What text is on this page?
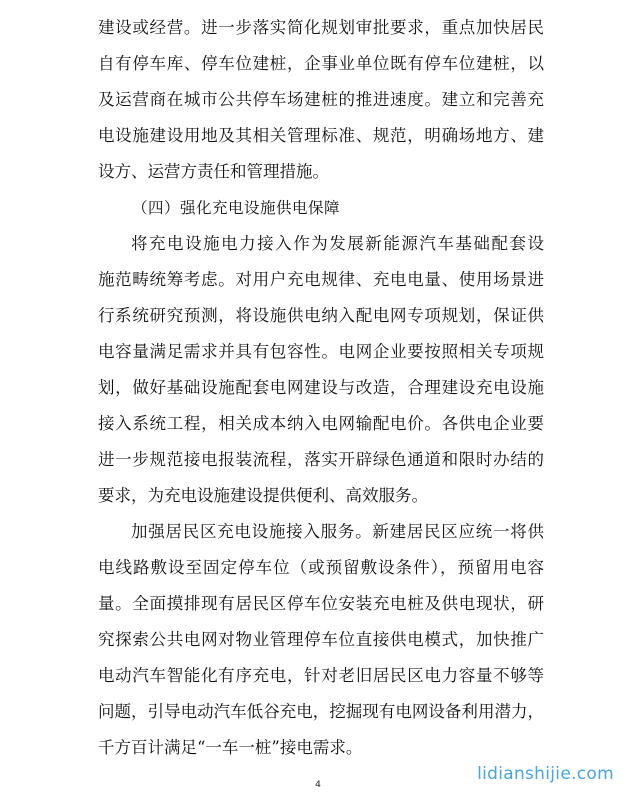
建设或经营。进一步落实简化规划审批要求，重点加快居民
自有停车库、停车位建桩，企事业单位既有停车位建桩，以
及运营商在城市公共停车场建桩的推进速度。建立和完善充
电设施建设用地及其相关管理标准、规范，明确场地方、建
设方、运营方责任和管理措施。
（四）强化充电设施供电保障
将充电设施电力接入作为发展新能源汽车基础配套设
施范畴统筹考虑。对用户充电规律、充电电量、使用场景进
行系统研究预测，将设施供电纳入配电网专项规划，保证供
电容量满足需求并具有包容性。电网企业要按照相关专项规
划，做好基础设施配套电网建设与改造，合理建设充电设施
接入系统工程，相关成本纳入电网输配电价。各供电企业要
进一步规范接电报装流程，落实开辟绿色通道和限时办结的
要求，为充电设施建设提供便利、高效服务。
加强居民区充电设施接入服务。新建居民区应统一将供
电线路敷设至固定停车位（或预留敷设条件），预留用电容
量。全面摸排现有居民区停车位安装充电桩及供电现状，研
究探索公共电网对物业管理停车位直接供电模式，加快推广
电动汽车智能化有序充电，针对老旧居民区电力容量不够等
问题，引导电动汽车低谷充电，挖掘现有电网设备利用潜力，
千方百计满足“一车一桩”接电需求。
4
lidianshijie.com
